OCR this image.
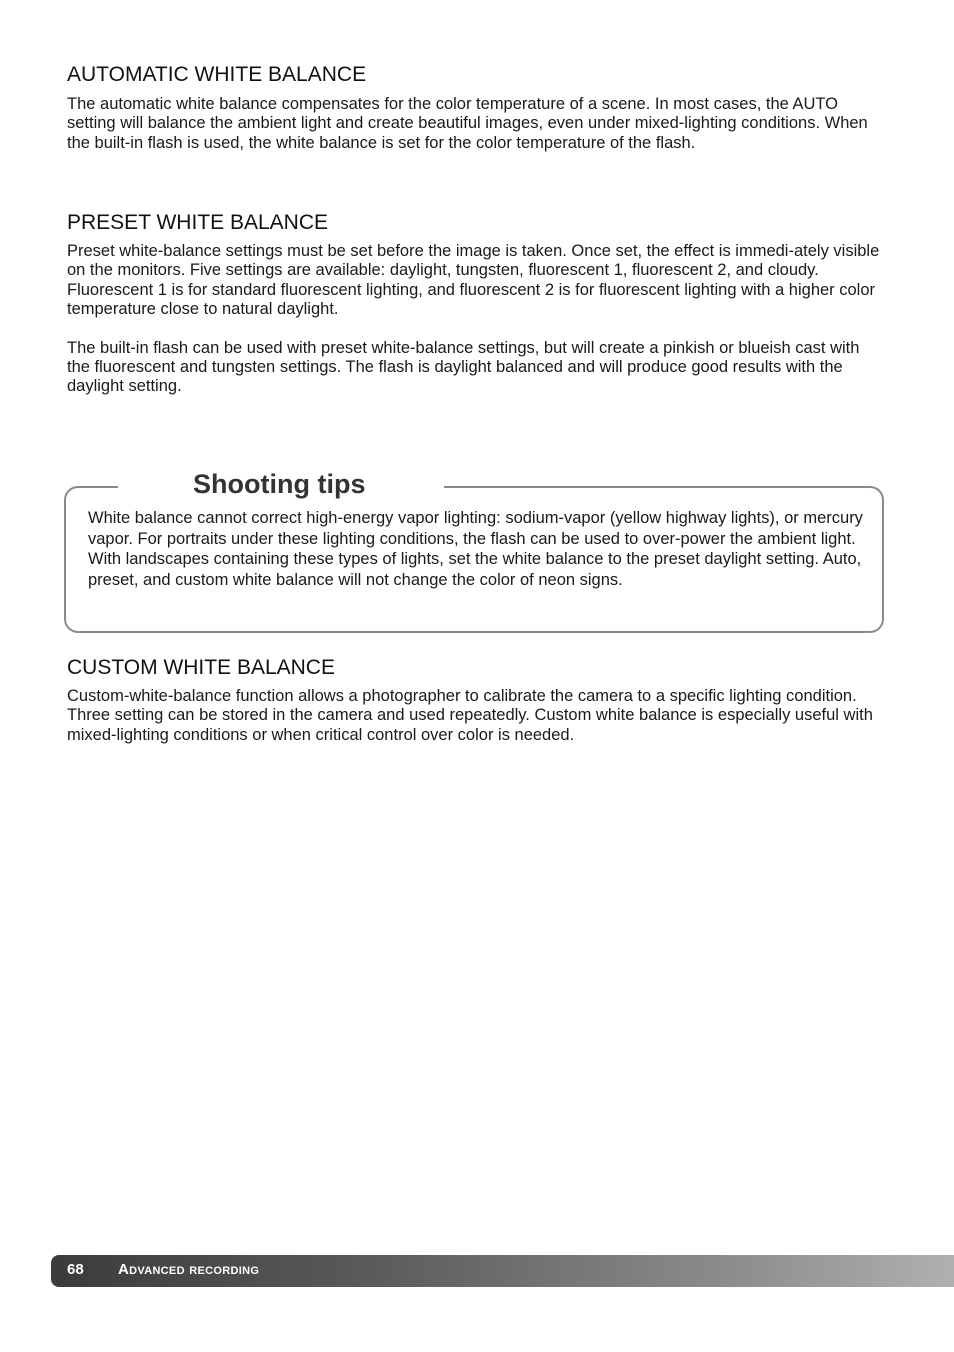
AUTOMATIC WHITE BALANCE

The automatic white balance compensates for the color temperature of a scene. In most cases, the AUTO setting will balance the ambient light and create beautiful images, even under mixed-lighting conditions. When the built-in flash is used, the white balance is set for the color temperature of the flash.

PRESET WHITE BALANCE

Preset white-balance settings must be set before the image is taken. Once set, the effect is immedi-ately visible on the monitors. Five settings are available: daylight, tungsten, fluorescent 1, fluorescent 2, and cloudy. Fluorescent 1 is for standard fluorescent lighting, and fluorescent 2 is for fluorescent lighting with a higher color temperature close to natural daylight.

The built-in flash can be used with preset white-balance settings, but will create a pinkish or blueish cast with the fluorescent and tungsten settings. The flash is daylight balanced and will produce good results with the daylight setting.

Shooting tips

White balance cannot correct high-energy vapor lighting: sodium-vapor (yellow highway lights), or mercury vapor. For portraits under these lighting conditions, the flash can be used to over-power the ambient light. With landscapes containing these types of lights, set the white balance to the preset daylight setting. Auto, preset, and custom white balance will not change the color of neon signs.

CUSTOM WHITE BALANCE

Custom-white-balance function allows a photographer to calibrate the camera to a specific lighting condition. Three setting can be stored in the camera and used repeatedly. Custom white balance is especially useful with mixed-lighting conditions or when critical control over color is needed.

68 Advanced recording
